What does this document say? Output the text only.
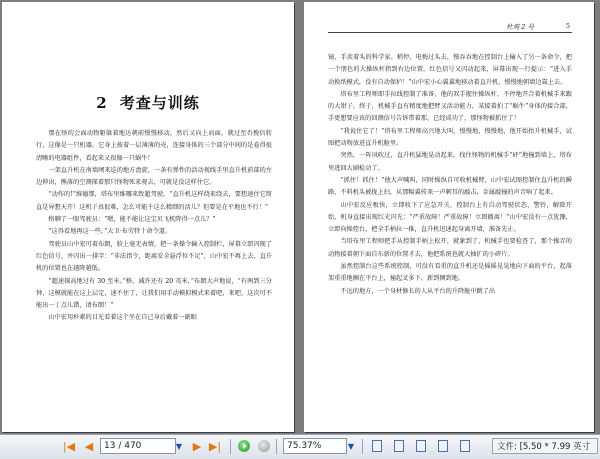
2 考查与训练

那在怪的会面动物躯躲着地达朝前慢慢移动，然后又向上而面，就过至否挽倍转行，这像是一只机器，它身上披着一层薄薄的壳，连接身体的三个部分中间的是卷得很清晰的电器组件，看起来又很像一只蜗牛！

一架直升机在南墙闸来巡的地方盘旋，一条有弹性的活动视线手里直升机前部的左边伸出，熊落的空测探着那只怪物死来观去，可就是没这样住它。

“动作的!”维德那，塔布里维哪来致超驾驶，“直升机这样绕来绕去，要想速住它简直是异想天开！这机子真很难，怎么可能千这么精细的活儿？但要是在平地也不行！”

格聊了一眼驾驶员：“嗯，能不能让这宝贝飞机降得一点儿？”

“这得看地再这一些。”大卫·布劳特十命令道。

驾驶员山中宏可着布朗，脸上毫无表情，把一条操令输入控制栏，屏幕立即闪现了红色信号，并闪出一排字：“非法指令，距离安全悬浮位不足”，山中宏不再上去，直升机的位置也在越降越低。

“超速探高地过有 30 至米。”格，减许还有 20 英米，”布朗大声地说，“有两到三分钟，这模就能在这上层定，速不住了，让我们用手动模拟模式来着吧，来吧，这次可不能出一丁点儿错，请布朗！”

山中宏用朴素的目光看着这个坐在自己身后戴着一副眼

杜鸡 2 号	5

镜、手羡着头的科学家。稍停，电梅过头去，慢吞吞地在控制台上输入了另一条命令，把一个朋色的大操纵杆指到右边位置。红色信号又闪动起来，屏幕出现一行提示：“进入手动换纸模式，没有自动保护！”山中宏小心翼翼地移动着直升机，慢慢地朝墙边靠上去。

塔布里工程师即手拉线控制了准备，他的双手握住操纵杆，不停地开合着机械手来跟的大钳子。终于，机械手直有精度地把臂又活动能力，某接着拍了“蜗牛”身体的接合部，手更想要应该的回测信号告诉带着那，已经成功了，那怪物被抓住了！

“我说住它了！”塔布里工程师高兴地大叫，慢慢地，慢慢地，他开始抬升机械手，试图把动物放进直升机舱里。

突然，一阵风吹过，直升机猛地晃动起来，找住怪物的机械手“砰”地撞到墙上，塔布里逃回大刷检动了。

“抓住！抓住！”他大声喊叫，同时操纵自可收机械臂，山中宏试图控制住直升机的瞬路，不料机头被拢上扫，从那幅翼传来一声刺耳的敲击，金属敲撞的声音响了起来。

山中宏反应极快，立即收下了应急开关，控制台上有自动驾驶状态，警铃，解除开始，机身直接出现红光闪光：“严重故障！严重故障！立即撤离！”山中宏没有一点犹豫，立即向操控台，把全手柄拉一推，直升机迅速起身离开墙，准备先止。

当塔布里工程师把手从控制手柄上松开，就象到了，机械手也要检查了，那个操弄的动物接着朝下面自东新的位置才去，他把系统也就大抽扩的小碎片。

虽然控制台这些系统控制，可没有看重的直升机还是摇摇晃晃地向下面的平台，起落架重重地搁在平台上，撞起叉多下，新到侧到地。

不远的地方，一个身材修长的人从平台的升降舱中跳了出

|◀ ◀	13 / 470	▼ ▶ ▶|	75.37%	▼	文件: [5.50 * 7.99 英寸
